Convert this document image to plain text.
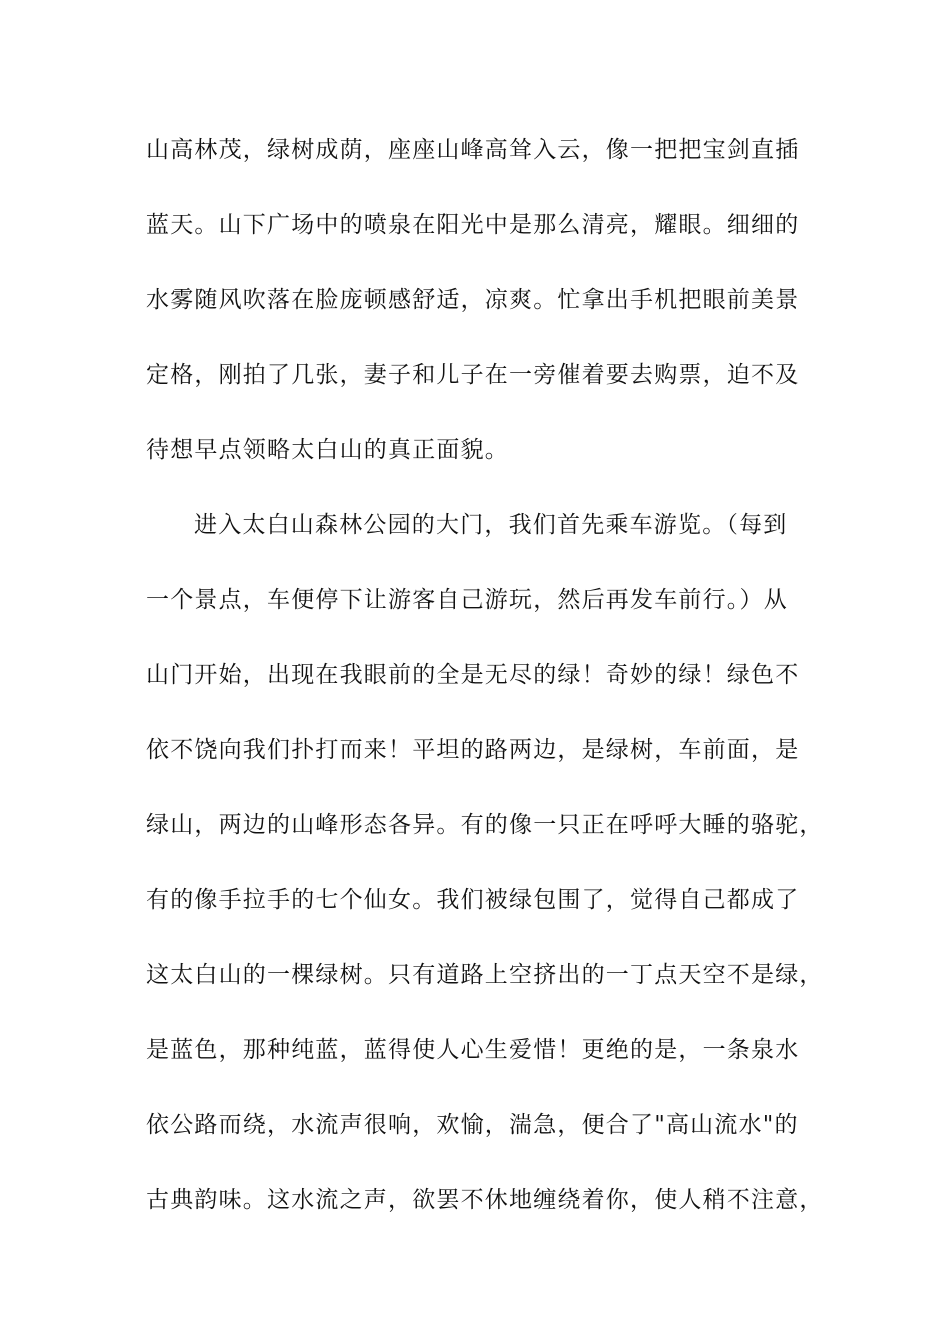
山高林茂，绿树成荫，座座山峰高耸入云，像一把把宝剑直插
蓝天。山下广场中的喷泉在阳光中是那么清亮，耀眼。细细的
水雾随风吹落在脸庞顿感舒适，凉爽。忙拿出手机把眼前美景
定格，刚拍了几张，妻子和儿子在一旁催着要去购票，迫不及
待想早点领略太白山的真正面貌。
进入太白山森林公园的大门，我们首先乘车游览。（每到
一个景点，车便停下让游客自己游玩，然后再发车前行。）从
山门开始，出现在我眼前的全是无尽的绿！奇妙的绿！绿色不
依不饶向我们扑打而来！平坦的路两边，是绿树，车前面，是
绿山，两边的山峰形态各异。有的像一只正在呼呼大睡的骆驼，
有的像手拉手的七个仙女。我们被绿包围了，觉得自己都成了
这太白山的一棵绿树。只有道路上空挤出的一丁点天空不是绿，
是蓝色，那种纯蓝，蓝得使人心生爱惜！更绝的是，一条泉水
依公路而绕，水流声很响，欢愉，湍急，便合了"高山流水"的
古典韵味。这水流之声，欲罢不休地缠绕着你，使人稍不注意，
